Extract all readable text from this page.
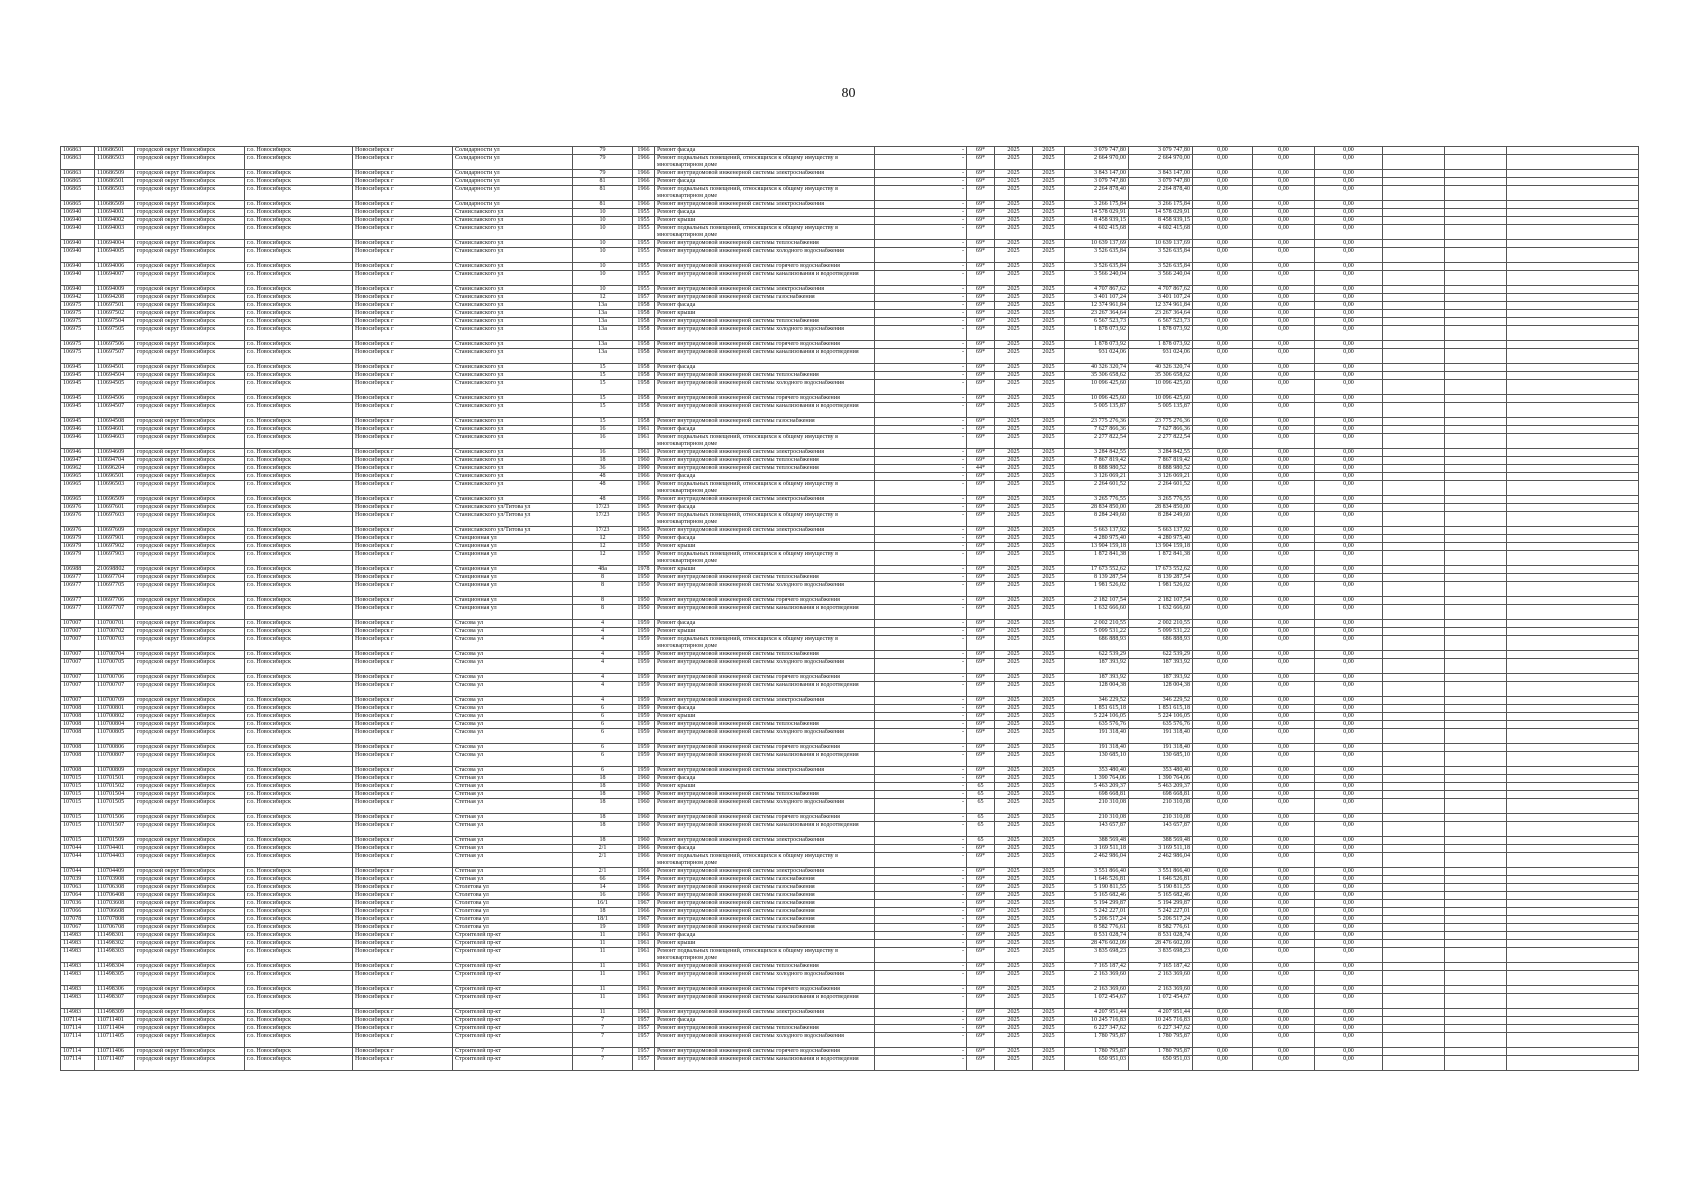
80
106863	110686501	городской округ Новосибирск	г.о. Новосибирск	Новосибирск г	Солидарности ул	79	1966	Ремонт фасада	-	69*	2025	2025	3 079 747,80	3 079 747,80	0,00	0,00	0,00			
106863	110686503	городской округ Новосибирск	г.о. Новосибирск	Новосибирск г	Солидарности ул	79	1966	Ремонт подвальных помещений, относящихся к общему имуществу в многоквартирном доме	-	69*	2025	2025	2 664 970,00	2 664 970,00	0,00	0,00	0,00			
106863	110686509	городской округ Новосибирск	г.о. Новосибирск	Новосибирск г	Солидарности ул	79	1966	Ремонт внутридомовой инженерной системы электроснабжения	-	69*	2025	2025	3 843 147,00	3 843 147,00	0,00	0,00	0,00			
106865	110686501	городской округ Новосибирск	г.о. Новосибирск	Новосибирск г	Солидарности ул	81	1966	Ремонт фасада	-	69*	2025	2025	3 079 747,80	3 079 747,80	0,00	0,00	0,00			
106865	110686503	городской округ Новосибирск	г.о. Новосибирск	Новосибирск г	Солидарности ул	81	1966	Ремонт подвальных помещений, относящихся к общему имуществу в многоквартирном доме	-	69*	2025	2025	2 264 878,40	2 264 878,40	0,00	0,00	0,00			
106865	110686509	городской округ Новосибирск	г.о. Новосибирск	Новосибирск г	Солидарности ул	81	1966	Ремонт внутридомовой инженерной системы электроснабжения	-	69*	2025	2025	3 266 175,84	3 266 175,84	0,00	0,00	0,00			
106940	110694001	городской округ Новосибирск	г.о. Новосибирск	Новосибирск г	Станиславского ул	10	1955	Ремонт фасада	-	69*	2025	2025	14 578 029,91	14 578 029,91	0,00	0,00	0,00			
106940	110694002	городской округ Новосибирск	г.о. Новосибирск	Новосибирск г	Станиславского ул	10	1955	Ремонт крыши	-	69*	2025	2025	8 458 939,15	8 458 939,15	0,00	0,00	0,00			
106940	110694003	городской округ Новосибирск	г.о. Новосибирск	Новосибирск г	Станиславского ул	10	1955	Ремонт подвальных помещений, относящихся к общему имуществу в многоквартирном доме	-	69*	2025	2025	4 602 415,68	4 602 415,68	0,00	0,00	0,00			
106940	110694004	городской округ Новосибирск	г.о. Новосибирск	Новосибирск г	Станиславского ул	10	1955	Ремонт внутридомовой инженерной системы теплоснабжения	-	69*	2025	2025	10 639 137,69	10 639 137,69	0,00	0,00	0,00			
106940	110694005	городской округ Новосибирск	г.о. Новосибирск	Новосибирск г	Станиславского ул	10	1955	Ремонт внутридомовой инженерной системы холодного водоснабжения	-	69*	2025	2025	3 526 635,84	3 526 635,84	0,00	0,00	0,00			
106940	110694006	городской округ Новосибирск	г.о. Новосибирск	Новосибирск г	Станиславского ул	10	1955	Ремонт внутридомовой инженерной системы горячего водоснабжения	-	69*	2025	2025	3 526 635,84	3 526 635,84	0,00	0,00	0,00			
106940	110694007	городской округ Новосибирск	г.о. Новосибирск	Новосибирск г	Станиславского ул	10	1955	Ремонт внутридомовой инженерной системы канализования и водоотведения	-	69*	2025	2025	3 566 240,04	3 566 240,04	0,00	0,00	0,00			
106940	110694009	городской округ Новосибирск	г.о. Новосибирск	Новосибирск г	Станиславского ул	10	1955	Ремонт внутридомовой инженерной системы электроснабжения	-	69*	2025	2025	4 707 867,62	4 707 867,62	0,00	0,00	0,00			
106942	110694208	городской округ Новосибирск	г.о. Новосибирск	Новосибирск г	Станиславского ул	12	1957	Ремонт внутридомовой инженерной системы газоснабжения	-	69*	2025	2025	3 401 107,24	3 401 107,24	0,00	0,00	0,00			
106975	110697501	городской округ Новосибирск	г.о. Новосибирск	Новосибирск г	Станиславского ул	13а	1958	Ремонт фасада	-	69*	2025	2025	12 374 961,84	12 374 961,84	0,00	0,00	0,00			
106975	110697502	городской округ Новосибирск	г.о. Новосибирск	Новосибирск г	Станиславского ул	13а	1958	Ремонт крыши	-	69*	2025	2025	23 267 364,64	23 267 364,64	0,00	0,00	0,00			
106975	110697504	городской округ Новосибирск	г.о. Новосибирск	Новосибирск г	Станиславского ул	13а	1958	Ремонт внутридомовой инженерной системы теплоснабжения	-	69*	2025	2025	6 567 523,73	6 567 523,73	0,00	0,00	0,00			
106975	110697505	городской округ Новосибирск	г.о. Новосибирск	Новосибирск г	Станиславского ул	13а	1958	Ремонт внутридомовой инженерной системы холодного водоснабжения	-	69*	2025	2025	1 878 073,92	1 878 073,92	0,00	0,00	0,00			
106975	110697506	городской округ Новосибирск	г.о. Новосибирск	Новосибирск г	Станиславского ул	13а	1958	Ремонт внутридомовой инженерной системы горячего водоснабжения	-	69*	2025	2025	1 878 073,92	1 878 073,92	0,00	0,00	0,00			
106975	110697507	городской округ Новосибирск	г.о. Новосибирск	Новосибирск г	Станиславского ул	13а	1958	Ремонт внутридомовой инженерной системы канализования и водоотведения	-	69*	2025	2025	931 024,06	931 024,06	0,00	0,00	0,00			
106945	110694501	городской округ Новосибирск	г.о. Новосибирск	Новосибирск г	Станиславского ул	15	1958	Ремонт фасада	-	69*	2025	2025	40 326 320,74	40 326 320,74	0,00	0,00	0,00			
106945	110694504	городской округ Новосибирск	г.о. Новосибирск	Новосибирск г	Станиславского ул	15	1958	Ремонт внутридомовой инженерной системы теплоснабжения	-	69*	2025	2025	35 306 658,62	35 306 658,62	0,00	0,00	0,00			
106945	110694505	городской округ Новосибирск	г.о. Новосибирск	Новосибирск г	Станиславского ул	15	1958	Ремонт внутридомовой инженерной системы холодного водоснабжения	-	69*	2025	2025	10 096 425,60	10 096 425,60	0,00	0,00	0,00			
106945	110694506	городской округ Новосибирск	г.о. Новосибирск	Новосибирск г	Станиславского ул	15	1958	Ремонт внутридомовой инженерной системы горячего водоснабжения	-	69*	2025	2025	10 096 425,60	10 096 425,60	0,00	0,00	0,00			
106945	110694507	городской округ Новосибирск	г.о. Новосибирск	Новосибирск г	Станиславского ул	15	1958	Ремонт внутридомовой инженерной системы канализования и водоотведения	-	69*	2025	2025	5 005 135,87	5 005 135,87	0,00	0,00	0,00			
106945	110694508	городской округ Новосибирск	г.о. Новосибирск	Новосибирск г	Станиславского ул	15	1958	Ремонт внутридомовой инженерной системы газоснабжения	-	69*	2025	2025	23 775 276,36	23 775 276,36	0,00	0,00	0,00			
106946	110694601	городской округ Новосибирск	г.о. Новосибирск	Новосибирск г	Станиславского ул	16	1961	Ремонт фасада	-	69*	2025	2025	7 627 866,36	7 627 866,36	0,00	0,00	0,00			
106946	110694603	городской округ Новосибирск	г.о. Новосибирск	Новосибирск г	Станиславского ул	16	1961	Ремонт подвальных помещений, относящихся к общему имуществу в многоквартирном доме	-	69*	2025	2025	2 277 822,54	2 277 822,54	0,00	0,00	0,00			
106946	110694609	городской округ Новосибирск	г.о. Новосибирск	Новосибирск г	Станиславского ул	16	1961	Ремонт внутридомовой инженерной системы электроснабжения	-	69*	2025	2025	3 284 842,55	3 284 842,55	0,00	0,00	0,00			
106947	110694704	городской округ Новосибирск	г.о. Новосибирск	Новосибирск г	Станиславского ул	18	1960	Ремонт внутридомовой инженерной системы теплоснабжения	-	69*	2025	2025	7 867 819,42	7 867 819,42	0,00	0,00	0,00			
106962	110696204	городской округ Новосибирск	г.о. Новосибирск	Новосибирск г	Станиславского ул	36	1990	Ремонт внутридомовой инженерной системы теплоснабжения	-	44*	2025	2025	8 888 980,52	8 888 980,52	0,00	0,00	0,00			
106965	110696501	городской округ Новосибирск	г.о. Новосибирск	Новосибирск г	Станиславского ул	48	1966	Ремонт фасада	-	69*	2025	2025	3 126 069,21	3 126 069,21	0,00	0,00	0,00			
106965	110696503	городской округ Новосибирск	г.о. Новосибирск	Новосибирск г	Станиславского ул	48	1966	Ремонт подвальных помещений, относящихся к общему имуществу в многоквартирном доме	-	69*	2025	2025	2 264 601,52	2 264 601,52	0,00	0,00	0,00			
106965	110696509	городской округ Новосибирск	г.о. Новосибирск	Новосибирск г	Станиславского ул	48	1966	Ремонт внутридомовой инженерной системы электроснабжения	-	69*	2025	2025	3 265 776,55	3 265 776,55	0,00	0,00	0,00			
106976	110697601	городской округ Новосибирск	г.о. Новосибирск	Новосибирск г	Станиславского ул/Титова ул	17/23	1965	Ремонт фасада	-	69*	2025	2025	28 834 850,00	28 834 850,00	0,00	0,00	0,00			
106976	110697603	городской округ Новосибирск	г.о. Новосибирск	Новосибирск г	Станиславского ул/Титова ул	17/23	1965	Ремонт подвальных помещений, относящихся к общему имуществу в многоквартирном доме	-	69*	2025	2025	8 284 249,60	8 284 249,60	0,00	0,00	0,00			
106976	110697609	городской округ Новосибирск	г.о. Новосибирск	Новосибирск г	Станиславского ул/Титова ул	17/23	1965	Ремонт внутридомовой инженерной системы электроснабжения	-	69*	2025	2025	5 663 137,92	5 663 137,92	0,00	0,00	0,00			
106979	110697901	городской округ Новосибирск	г.о. Новосибирск	Новосибирск г	Станционная ул	12	1950	Ремонт фасада	-	69*	2025	2025	4 280 975,40	4 280 975,40	0,00	0,00	0,00			
106979	110697902	городской округ Новосибирск	г.о. Новосибирск	Новосибирск г	Станционная ул	12	1950	Ремонт крыши	-	69*	2025	2025	13 904 159,18	13 904 159,18	0,00	0,00	0,00			
106979	110697903	городской округ Новосибирск	г.о. Новосибирск	Новосибирск г	Станционная ул	12	1950	Ремонт подвальных помещений, относящихся к общему имуществу в многоквартирном доме	-	69*	2025	2025	1 872 841,38	1 872 841,38	0,00	0,00	0,00			
106988	210698802	городской округ Новосибирск	г.о. Новосибирск	Новосибирск г	Станционная ул	48а	1978	Ремонт крыши	-	69*	2025	2025	17 673 552,62	17 673 552,62	0,00	0,00	0,00			
106977	110697704	городской округ Новосибирск	г.о. Новосибирск	Новосибирск г	Станционная ул	8	1950	Ремонт внутридомовой инженерной системы теплоснабжения	-	69*	2025	2025	8 139 287,54	8 139 287,54	0,00	0,00	0,00			
106977	110697705	городской округ Новосибирск	г.о. Новосибирск	Новосибирск г	Станционная ул	8	1950	Ремонт внутридомовой инженерной системы холодного водоснабжения	-	69*	2025	2025	1 981 526,02	1 981 526,02	0,00	0,00	0,00			
106977	110697706	городской округ Новосибирск	г.о. Новосибирск	Новосибирск г	Станционная ул	8	1950	Ремонт внутридомовой инженерной системы горячего водоснабжения	-	69*	2025	2025	2 182 107,54	2 182 107,54	0,00	0,00	0,00			
106977	110697707	городской округ Новосибирск	г.о. Новосибирск	Новосибирск г	Станционная ул	8	1950	Ремонт внутридомовой инженерной системы канализования и водоотведения	-	69*	2025	2025	1 632 666,60	1 632 666,60	0,00	0,00	0,00			
107007	110700701	городской округ Новосибирск	г.о. Новосибирск	Новосибирск г	Стасова ул	4	1959	Ремонт фасада	-	69*	2025	2025	2 002 210,55	2 002 210,55	0,00	0,00	0,00			
107007	110700702	городской округ Новосибирск	г.о. Новосибирск	Новосибирск г	Стасова ул	4	1959	Ремонт крыши	-	69*	2025	2025	5 099 531,22	5 099 531,22	0,00	0,00	0,00			
107007	110700703	городской округ Новосибирск	г.о. Новосибирск	Новосибирск г	Стасова ул	4	1959	Ремонт подвальных помещений, относящихся к общему имуществу в многоквартирном доме	-	69*	2025	2025	686 888,93	686 888,93	0,00	0,00	0,00			
107007	110700704	городской округ Новосибирск	г.о. Новосибирск	Новосибирск г	Стасова ул	4	1959	Ремонт внутридомовой инженерной системы теплоснабжения	-	69*	2025	2025	622 539,29	622 539,29	0,00	0,00	0,00			
107007	110700705	городской округ Новосибирск	г.о. Новосибирск	Новосибирск г	Стасова ул	4	1959	Ремонт внутридомовой инженерной системы холодного водоснабжения	-	69*	2025	2025	187 393,92	187 393,92	0,00	0,00	0,00			
107007	110700706	городской округ Новосибирск	г.о. Новосибирск	Новосибирск г	Стасова ул	4	1959	Ремонт внутридомовой инженерной системы горячего водоснабжения	-	69*	2025	2025	187 393,92	187 393,92	0,00	0,00	0,00			
107007	110700707	городской округ Новосибирск	г.о. Новосибирск	Новосибирск г	Стасова ул	4	1959	Ремонт внутридомовой инженерной системы канализования и водоотведения	-	69*	2025	2025	128 004,38	128 004,38	0,00	0,00	0,00			
107007	110700709	городской округ Новосибирск	г.о. Новосибирск	Новосибирск г	Стасова ул	4	1959	Ремонт внутридомовой инженерной системы электроснабжения	-	69*	2025	2025	346 229,52	346 229,52	0,00	0,00	0,00			
107008	110700801	городской округ Новосибирск	г.о. Новосибирск	Новосибирск г	Стасова ул	6	1959	Ремонт фасада	-	69*	2025	2025	1 851 615,18	1 851 615,18	0,00	0,00	0,00			
107008	110700802	городской округ Новосибирск	г.о. Новосибирск	Новосибирск г	Стасова ул	6	1959	Ремонт крыши	-	69*	2025	2025	5 224 106,05	5 224 106,05	0,00	0,00	0,00			
107008	110700804	городской округ Новосибирск	г.о. Новосибирск	Новосибирск г	Стасова ул	6	1959	Ремонт внутридомовой инженерной системы теплоснабжения	-	69*	2025	2025	635 576,76	635 576,76	0,00	0,00	0,00			
107008	110700805	городской округ Новосибирск	г.о. Новосибирск	Новосибирск г	Стасова ул	6	1959	Ремонт внутридомовой инженерной системы холодного водоснабжения	-	69*	2025	2025	191 318,40	191 318,40	0,00	0,00	0,00			
107008	110700806	городской округ Новосибирск	г.о. Новосибирск	Новосибирск г	Стасова ул	6	1959	Ремонт внутридомовой инженерной системы горячего водоснабжения	-	69*	2025	2025	191 318,40	191 318,40	0,00	0,00	0,00			
107008	110700807	городской округ Новосибирск	г.о. Новосибирск	Новосибирск г	Стасова ул	6	1959	Ремонт внутридомовой инженерной системы канализования и водоотведения	-	69*	2025	2025	130 685,10	130 685,10	0,00	0,00	0,00			
107008	110700809	городской округ Новосибирск	г.о. Новосибирск	Новосибирск г	Стасова ул	6	1959	Ремонт внутридомовой инженерной системы электроснабжения	-	69*	2025	2025	353 480,40	353 480,40	0,00	0,00	0,00			
107015	110701501	городской округ Новосибирск	г.о. Новосибирск	Новосибирск г	Стетная ул	18	1960	Ремонт фасада	-	69*	2025	2025	1 390 764,06	1 390 764,06	0,00	0,00	0,00			
107015	110701502	городской округ Новосибирск	г.о. Новосибирск	Новосибирск г	Стетная ул	18	1960	Ремонт крыши	-	65	2025	2025	5 463 209,37	5 463 209,37	0,00	0,00	0,00			
107015	110701504	городской округ Новосибирск	г.о. Новосибирск	Новосибирск г	Стетная ул	18	1960	Ремонт внутридомовой инженерной системы теплоснабжения	-	65	2025	2025	698 668,81	698 668,81	0,00	0,00	0,00			
107015	110701505	городской округ Новосибирск	г.о. Новосибирск	Новосибирск г	Стетная ул	18	1960	Ремонт внутридомовой инженерной системы холодного водоснабжения	-	65	2025	2025	210 310,08	210 310,08	0,00	0,00	0,00			
107015	110701506	городской округ Новосибирск	г.о. Новосибирск	Новосибирск г	Стетная ул	18	1960	Ремонт внутридомовой инженерной системы горячего водоснабжения	-	65	2025	2025	210 310,08	210 310,08	0,00	0,00	0,00			
107015	110701507	городской округ Новосибирск	г.о. Новосибирск	Новосибирск г	Стетная ул	18	1960	Ремонт внутридомовой инженерной системы канализования и водоотведения	-	65	2025	2025	143 657,87	143 657,87	0,00	0,00	0,00			
107015	110701509	городской округ Новосибирск	г.о. Новосибирск	Новосибирск г	Стетная ул	18	1960	Ремонт внутридомовой инженерной системы электроснабжения	-	65	2025	2025	388 569,48	388 569,48	0,00	0,00	0,00			
107044	110704401	городской округ Новосибирск	г.о. Новосибирск	Новосибирск г	Стетная ул	2/1	1966	Ремонт фасада	-	69*	2025	2025	3 169 511,18	3 169 511,18	0,00	0,00	0,00			
107044	110704403	городской округ Новосибирск	г.о. Новосибирск	Новосибирск г	Стетная ул	2/1	1966	Ремонт подвальных помещений, относящихся к общему имуществу в многоквартирном доме	-	69*	2025	2025	2 462 986,04	2 462 986,04	0,00	0,00	0,00			
107044	110704409	городской округ Новосибирск	г.о. Новосибирск	Новосибирск г	Стетная ул	2/1	1966	Ремонт внутридомовой инженерной системы электроснабжения	-	69*	2025	2025	3 551 866,40	3 551 866,40	0,00	0,00	0,00			
107039	110703908	городской округ Новосибирск	г.о. Новосибирск	Новосибирск г	Стетная ул	66	1964	Ремонт внутридомовой инженерной системы газоснабжения	-	69*	2025	2025	1 646 526,81	1 646 526,81	0,00	0,00	0,00			
107063	110706308	городской округ Новосибирск	г.о. Новосибирск	Новосибирск г	Столетова ул	14	1966	Ремонт внутридомовой инженерной системы газоснабжения	-	69*	2025	2025	5 190 811,55	5 190 811,55	0,00	0,00	0,00			
107064	110706408	городской округ Новосибирск	г.о. Новосибирск	Новосибирск г	Столетова ул	16	1966	Ремонт внутридомовой инженерной системы газоснабжения	-	69*	2025	2025	5 165 682,46	5 165 682,46	0,00	0,00	0,00			
107036	110703608	городской округ Новосибирск	г.о. Новосибирск	Новосибирск г	Столетова ул	16/1	1967	Ремонт внутридомовой инженерной системы газоснабжения	-	69*	2025	2025	5 194 299,87	5 194 299,87	0,00	0,00	0,00			
107066	110706608	городской округ Новосибирск	г.о. Новосибирск	Новосибирск г	Столетова ул	18	1966	Ремонт внутридомовой инженерной системы газоснабжения	-	69*	2025	2025	5 242 227,01	5 242 227,01	0,00	0,00	0,00			
107078	110707808	городской округ Новосибирск	г.о. Новосибирск	Новосибирск г	Столетова ул	18/1	1967	Ремонт внутридомовой инженерной системы газоснабжения	-	69*	2025	2025	5 206 517,24	5 206 517,24	0,00	0,00	0,00			
107067	110706708	городской округ Новосибирск	г.о. Новосибирск	Новосибирск г	Столетова ул	19	1969	Ремонт внутридомовой инженерной системы газоснабжения	-	69*	2025	2025	8 582 776,61	8 582 776,61	0,00	0,00	0,00			
114983	111498301	городской округ Новосибирск	г.о. Новосибирск	Новосибирск г	Строителей пр-кт	11	1961	Ремонт фасада	-	69*	2025	2025	8 531 028,74	8 531 028,74	0,00	0,00	0,00			
114983	111498302	городской округ Новосибирск	г.о. Новосибирск	Новосибирск г	Строителей пр-кт	11	1961	Ремонт крыши	-	69*	2025	2025	28 476 602,09	28 476 602,09	0,00	0,00	0,00			
114983	111498303	городской округ Новосибирск	г.о. Новосибирск	Новосибирск г	Строителей пр-кт	11	1961	Ремонт подвальных помещений, относящихся к общему имуществу в многоквартирном доме	-	69*	2025	2025	3 835 698,23	3 835 698,23	0,00	0,00	0,00			
114983	111498304	городской округ Новосибирск	г.о. Новосибирск	Новосибирск г	Строителей пр-кт	11	1961	Ремонт внутридомовой инженерной системы теплоснабжения	-	69*	2025	2025	7 165 187,42	7 165 187,42	0,00	0,00	0,00			
114983	111498305	городской округ Новосибирск	г.о. Новосибирск	Новосибирск г	Строителей пр-кт	11	1961	Ремонт внутридомовой инженерной системы холодного водоснабжения	-	69*	2025	2025	2 163 369,60	2 163 369,60	0,00	0,00	0,00			
114983	111498306	городской округ Новосибирск	г.о. Новосибирск	Новосибирск г	Строителей пр-кт	11	1961	Ремонт внутридомовой инженерной системы горячего водоснабжения	-	69*	2025	2025	2 163 369,60	2 163 369,60	0,00	0,00	0,00			
114983	111498307	городской округ Новосибирск	г.о. Новосибирск	Новосибирск г	Строителей пр-кт	11	1961	Ремонт внутридомовой инженерной системы канализования и водоотведения	-	69*	2025	2025	1 072 454,67	1 072 454,67	0,00	0,00	0,00			
114983	111498309	городской округ Новосибирск	г.о. Новосибирск	Новосибирск г	Строителей пр-кт	11	1961	Ремонт внутридомовой инженерной системы электроснабжения	-	69*	2025	2025	4 207 951,44	4 207 951,44	0,00	0,00	0,00			
107114	110711401	городской округ Новосибирск	г.о. Новосибирск	Новосибирск г	Строителей пр-кт	7	1957	Ремонт фасада	-	69*	2025	2025	10 245 716,83	10 245 716,83	0,00	0,00	0,00			
107114	110711404	городской округ Новосибирск	г.о. Новосибирск	Новосибирск г	Строителей пр-кт	7	1957	Ремонт внутридомовой инженерной системы теплоснабжения	-	69*	2025	2025	6 227 347,62	6 227 347,62	0,00	0,00	0,00			
107114	110711405	городской округ Новосибирск	г.о. Новосибирск	Новосибирск г	Строителей пр-кт	7	1957	Ремонт внутридомовой инженерной системы холодного водоснабжения	-	69*	2025	2025	1 780 795,87	1 780 795,87	0,00	0,00	0,00			
107114	110711406	городской округ Новосибирск	г.о. Новосибирск	Новосибирск г	Строителей пр-кт	7	1957	Ремонт внутридомовой инженерной системы горячего водоснабжения	-	69*	2025	2025	1 780 795,87	1 780 795,87	0,00	0,00	0,00			
107114	110711407	городской округ Новосибирск	г.о. Новосибирск	Новосибирск г	Строителей пр-кт	7	1957	Ремонт внутридомовой инженерной системы канализования и водоотведения	-	69*	2025	2025	650 951,03	650 951,03	0,00	0,00	0,00			
